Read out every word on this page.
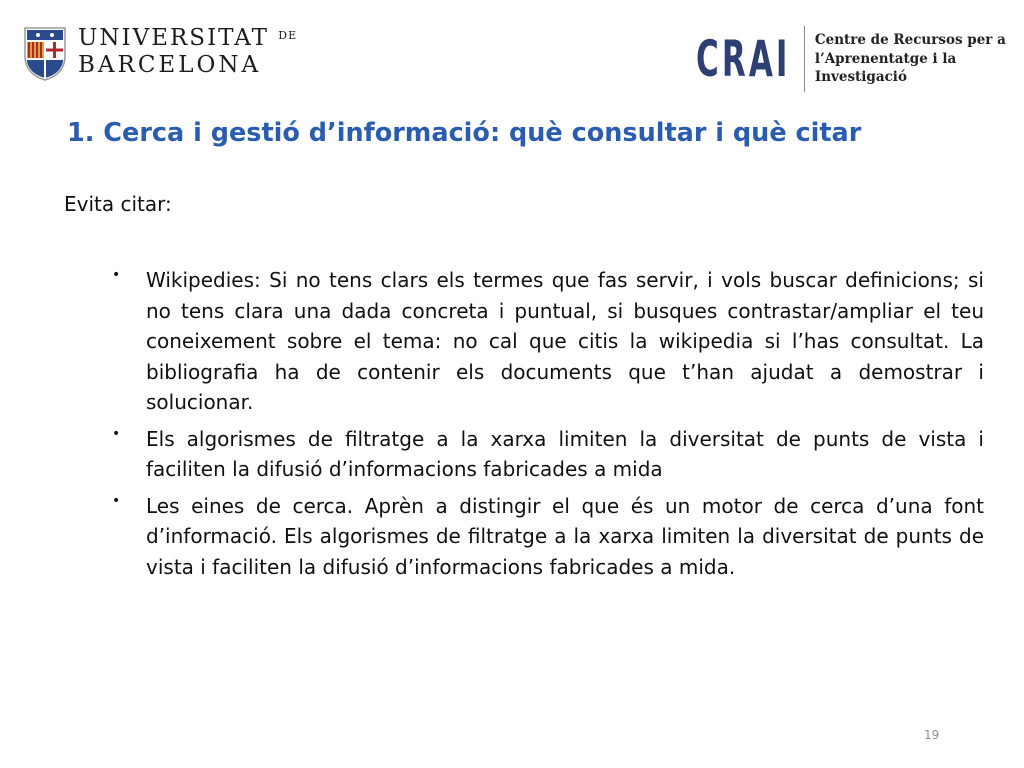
UNIVERSITAT $^{DE}$
BARCELONA	CRAI Centre de Recursos per a
l’Aprenentatge i la Investigació
1. Cerca i gestió d’informació: què consultar i què citar
Evita citar:
• Wikipedies: Si no tens clars els termes que fas servir, i vols buscar definicions; si no tens clara una dada concreta i puntual, si busques contrastar/ampliar el teu coneixement sobre el tema: no cal que citis la wikipedia si l’has consultat. La bibliografia ha de contenir els documents que t’han ajudat a demostrar i solucionar.
• Els algorismes de filtratge a la xarxa limiten la diversitat de punts de vista i faciliten la difusió d’informacions fabricades a mida
• Les eines de cerca. Aprèn a distingir el que és un motor de cerca d’una font d’informació. Els algorismes de filtratge a la xarxa limiten la diversitat de punts de vista i faciliten la difusió d’informacions fabricades a mida.
19
